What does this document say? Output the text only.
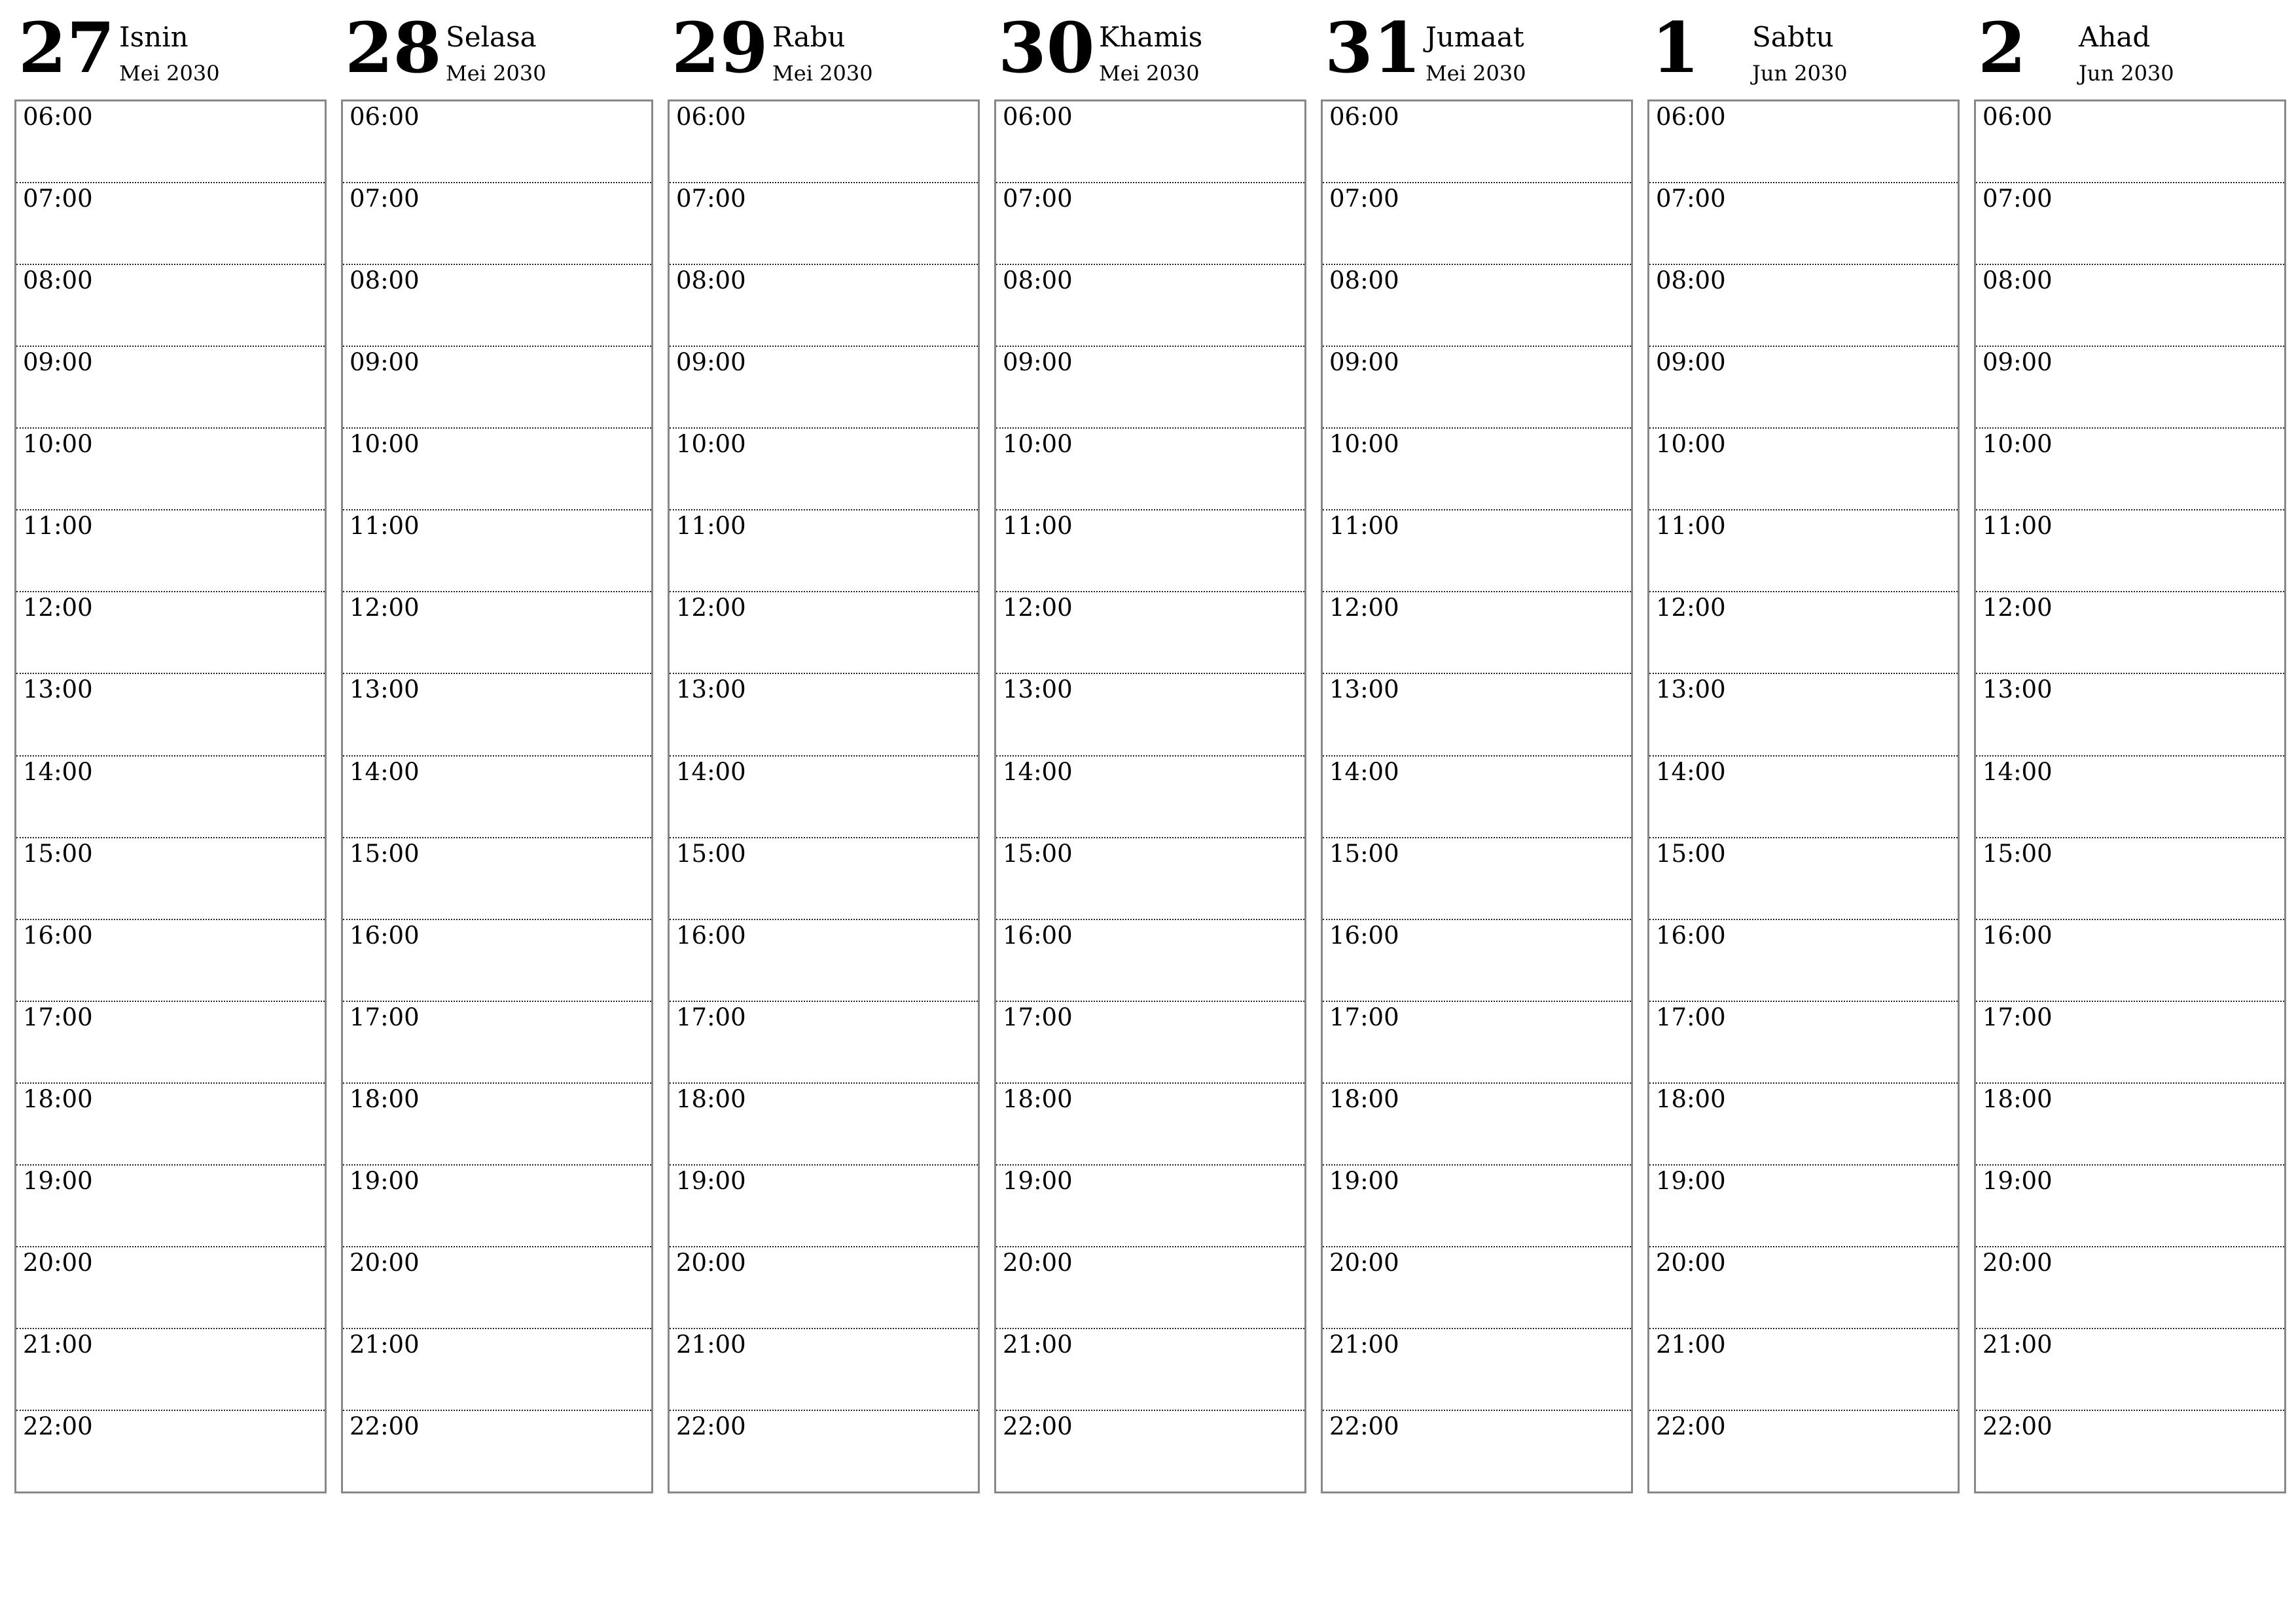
27 Isnin
Mei 2030
06:00
07:00
08:00
09:00
10:00
11:00
12:00
13:00
14:00
15:00
16:00
17:00
18:00
19:00
20:00
21:00
22:00
28 Selasa
Mei 2030
06:00
07:00
08:00
09:00
10:00
11:00
12:00
13:00
14:00
15:00
16:00
17:00
18:00
19:00
20:00
21:00
22:00
29 Rabu
Mei 2030
06:00
07:00
08:00
09:00
10:00
11:00
12:00
13:00
14:00
15:00
16:00
17:00
18:00
19:00
20:00
21:00
22:00
30 Khamis
Mei 2030
06:00
07:00
08:00
09:00
10:00
11:00
12:00
13:00
14:00
15:00
16:00
17:00
18:00
19:00
20:00
21:00
22:00
31 Jumaat
Mei 2030
06:00
07:00
08:00
09:00
10:00
11:00
12:00
13:00
14:00
15:00
16:00
17:00
18:00
19:00
20:00
21:00
22:00
1 Sabtu
Jun 2030
06:00
07:00
08:00
09:00
10:00
11:00
12:00
13:00
14:00
15:00
16:00
17:00
18:00
19:00
20:00
21:00
22:00
2 Ahad
Jun 2030
06:00
07:00
08:00
09:00
10:00
11:00
12:00
13:00
14:00
15:00
16:00
17:00
18:00
19:00
20:00
21:00
22:00
